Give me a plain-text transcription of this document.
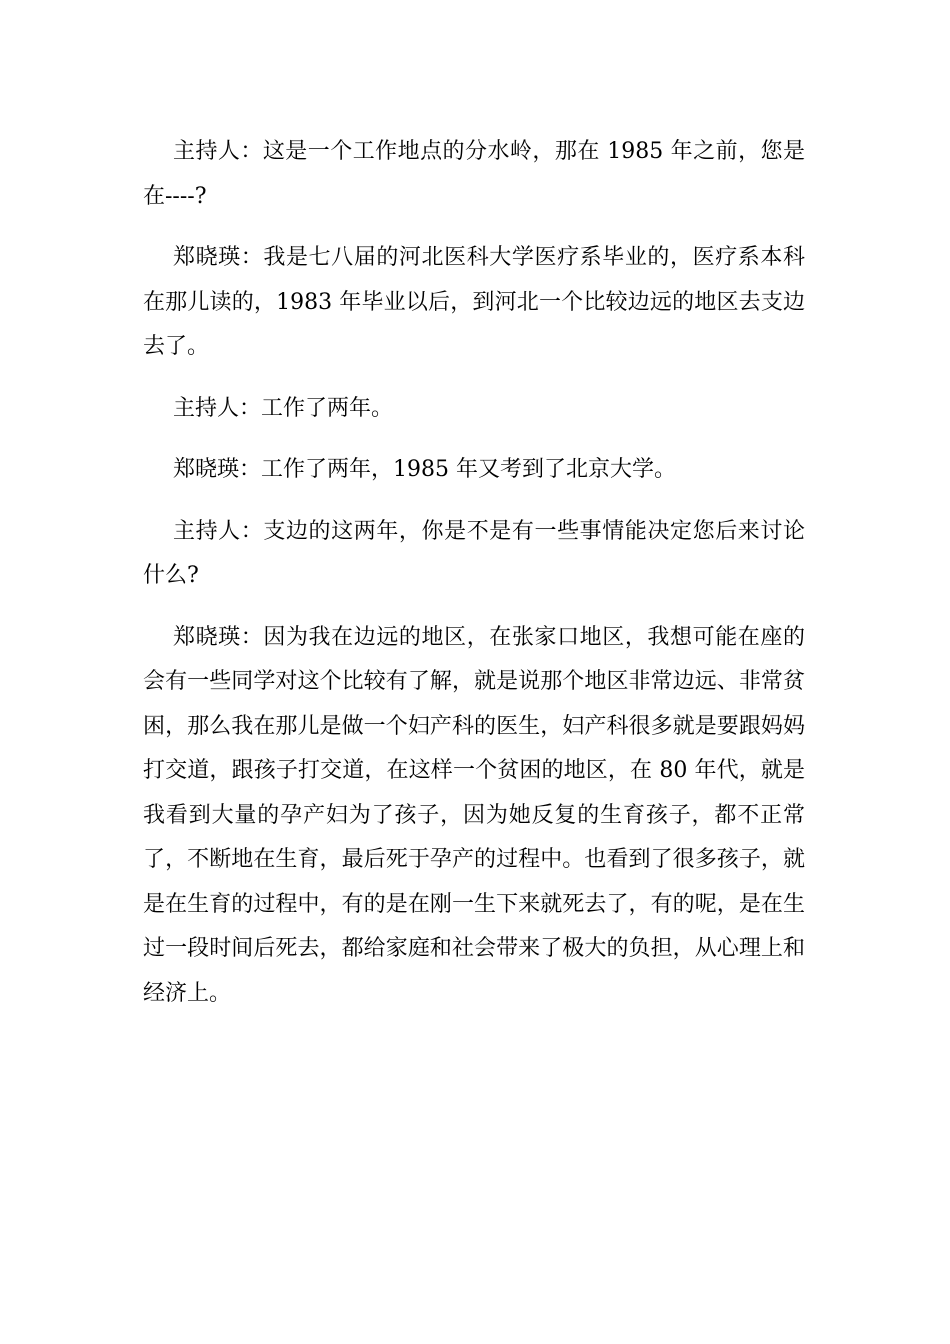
主持人：这是一个工作地点的分水岭，那在 1985 年之前，您是在----?

郑晓瑛：我是七八届的河北医科大学医疗系毕业的，医疗系本科在那儿读的，1983 年毕业以后，到河北一个比较边远的地区去支边去了。

主持人：工作了两年。

郑晓瑛：工作了两年，1985 年又考到了北京大学。

主持人：支边的这两年，你是不是有一些事情能决定您后来讨论什么?

郑晓瑛：因为我在边远的地区，在张家口地区，我想可能在座的会有一些同学对这个比较有了解，就是说那个地区非常边远、非常贫困，那么我在那儿是做一个妇产科的医生，妇产科很多就是要跟妈妈打交道，跟孩子打交道，在这样一个贫困的地区，在 80 年代，就是我看到大量的孕产妇为了孩子，因为她反复的生育孩子，都不正常了，不断地在生育，最后死于孕产的过程中。也看到了很多孩子，就是在生育的过程中，有的是在刚一生下来就死去了，有的呢，是在生过一段时间后死去，都给家庭和社会带来了极大的负担，从心理上和经济上。
